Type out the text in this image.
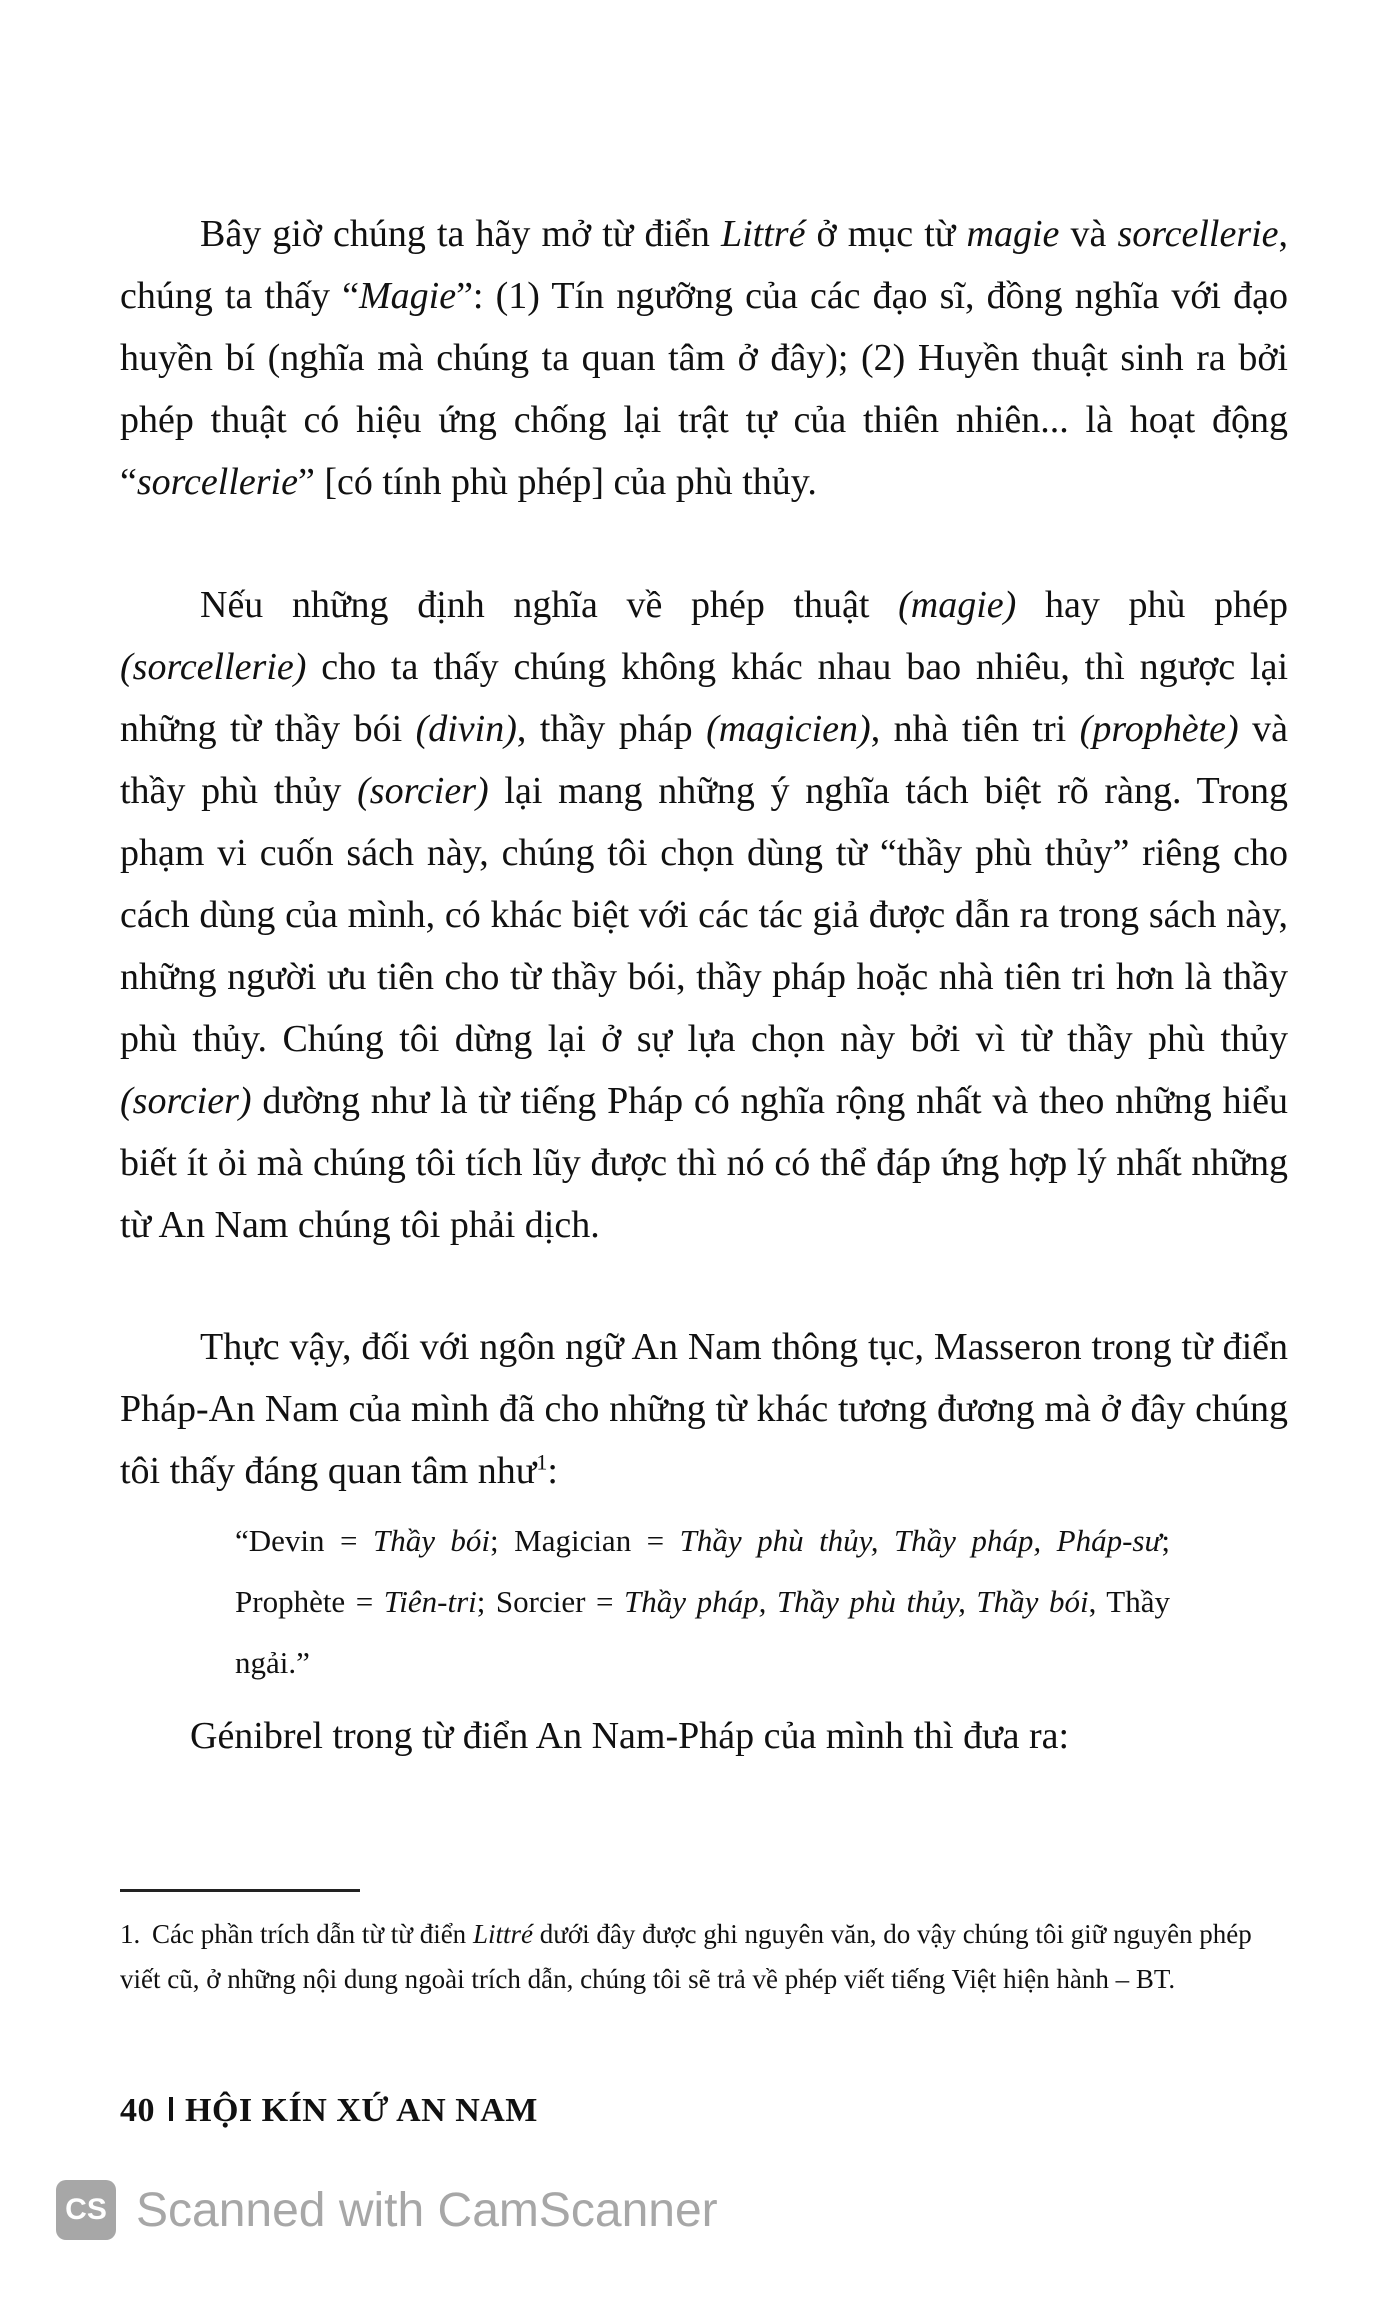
Bây giờ chúng ta hãy mở từ điển Littré ở mục từ magie và sorcellerie, chúng ta thấy “Magie”: (1) Tín ngưỡng của các đạo sĩ, đồng nghĩa với đạo huyền bí (nghĩa mà chúng ta quan tâm ở đây); (2) Huyền thuật sinh ra bởi phép thuật có hiệu ứng chống lại trật tự của thiên nhiên... là hoạt động “sorcellerie” [có tính phù phép] của phù thủy.

Nếu những định nghĩa về phép thuật (magie) hay phù phép (sorcellerie) cho ta thấy chúng không khác nhau bao nhiêu, thì ngược lại những từ thầy bói (divin), thầy pháp (magicien), nhà tiên tri (prophète) và thầy phù thủy (sorcier) lại mang những ý nghĩa tách biệt rõ ràng. Trong phạm vi cuốn sách này, chúng tôi chọn dùng từ “thầy phù thủy” riêng cho cách dùng của mình, có khác biệt với các tác giả được dẫn ra trong sách này, những người ưu tiên cho từ thầy bói, thầy pháp hoặc nhà tiên tri hơn là thầy phù thủy. Chúng tôi dừng lại ở sự lựa chọn này bởi vì từ thầy phù thủy (sorcier) dường như là từ tiếng Pháp có nghĩa rộng nhất và theo những hiểu biết ít ỏi mà chúng tôi tích lũy được thì nó có thể đáp ứng hợp lý nhất những từ An Nam chúng tôi phải dịch.

Thực vậy, đối với ngôn ngữ An Nam thông tục, Masseron trong từ điển Pháp-An Nam của mình đã cho những từ khác tương đương mà ở đây chúng tôi thấy đáng quan tâm như$^1$:

“Devin = Thầy bói; Magician = Thầy phù thủy, Thầy pháp, Pháp-sư; Prophète = Tiên-tri; Sorcier = Thầy pháp, Thầy phù thủy, Thầy bói, Thầy ngải.”

Génibrel trong từ điển An Nam-Pháp của mình thì đưa ra:

1. Các phần trích dẫn từ từ điển Littré dưới đây được ghi nguyên văn, do vậy chúng tôi giữ nguyên phép viết cũ, ở những nội dung ngoài trích dẫn, chúng tôi sẽ trả về phép viết tiếng Việt hiện hành – BT.

40 HỘI KÍN XỨ AN NAM
CS Scanned with CamScanner
